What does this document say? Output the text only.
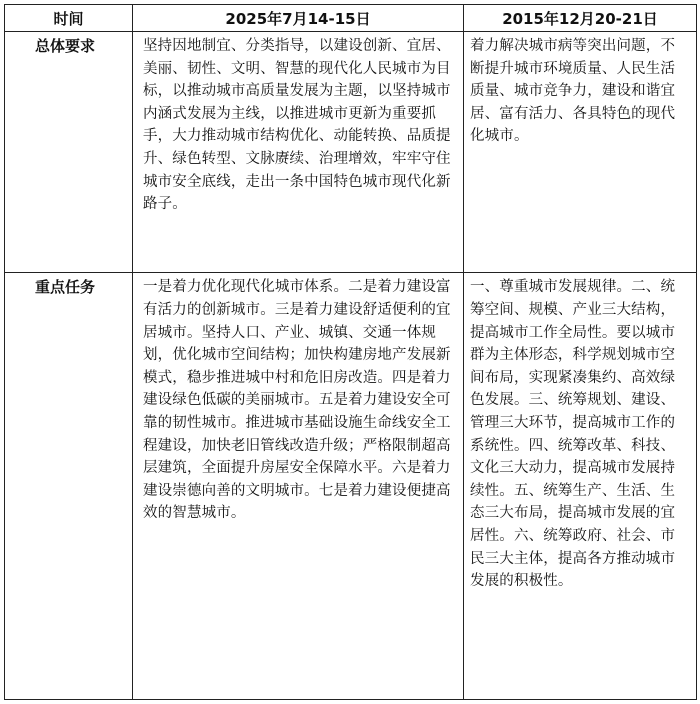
时间	2025年7月14-15日	2015年12月20-21日

总体要求	坚持因地制宜、分类指导，以建设创新、宜居、美丽、韧性、文明、智慧的现代化人民城市为目标，以推动城市高质量发展为主题，以坚持城市内涵式发展为主线，以推进城市更新为重要抓手，大力推动城市结构优化、动能转换、品质提升、绿色转型、文脉赓续、治理增效，牢牢守住城市安全底线，走出一条中国特色城市现代化新路子。	着力解决城市病等突出问题，不断提升城市环境质量、人民生活质量、城市竞争力，建设和谐宜居、富有活力、各具特色的现代化城市。

重点任务	一是着力优化现代化城市体系。二是着力建设富有活力的创新城市。三是着力建设舒适便利的宜居城市。坚持人口、产业、城镇、交通一体规划，优化城市空间结构；加快构建房地产发展新模式，稳步推进城中村和危旧房改造。四是着力建设绿色低碳的美丽城市。五是着力建设安全可靠的韧性城市。推进城市基础设施生命线安全工程建设，加快老旧管线改造升级；严格限制超高层建筑，全面提升房屋安全保障水平。六是着力建设崇德向善的文明城市。七是着力建设便捷高效的智慧城市。	一、尊重城市发展规律。二、统筹空间、规模、产业三大结构，提高城市工作全局性。要以城市群为主体形态，科学规划城市空间布局，实现紧凑集约、高效绿色发展。三、统筹规划、建设、管理三大环节，提高城市工作的系统性。四、统筹改革、科技、文化三大动力，提高城市发展持续性。五、统筹生产、生活、生态三大布局，提高城市发展的宜居性。六、统筹政府、社会、市民三大主体，提高各方推动城市发展的积极性。
